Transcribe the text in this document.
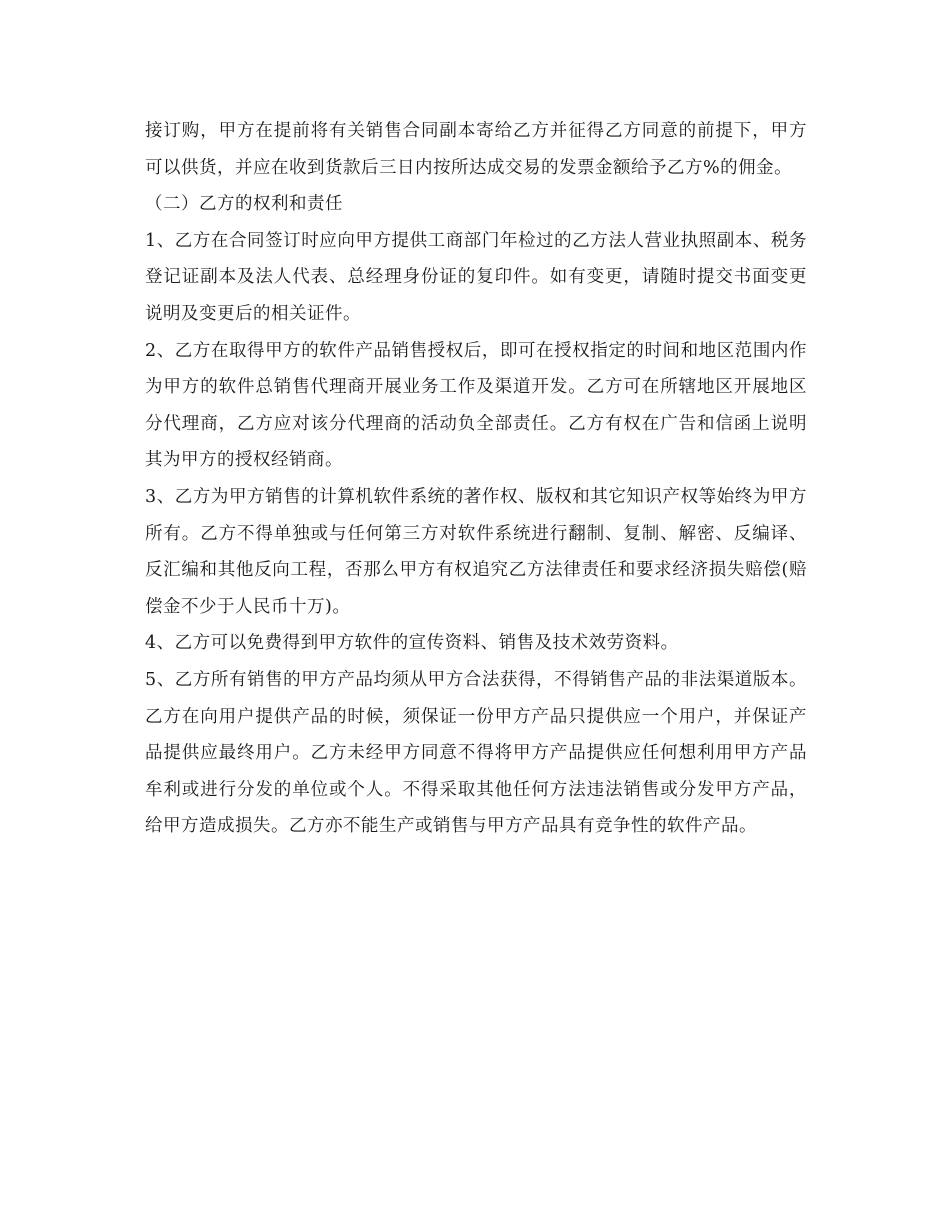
接订购，甲方在提前将有关销售合同副本寄给乙方并征得乙方同意的前提下，甲方可以供货，并应在收到货款后三日内按所达成交易的发票金额给予乙方%的佣金。

（二）乙方的权利和责任

1、乙方在合同签订时应向甲方提供工商部门年检过的乙方法人营业执照副本、税务登记证副本及法人代表、总经理身份证的复印件。如有变更，请随时提交书面变更说明及变更后的相关证件。

2、乙方在取得甲方的软件产品销售授权后，即可在授权指定的时间和地区范围内作为甲方的软件总销售代理商开展业务工作及渠道开发。乙方可在所辖地区开展地区分代理商，乙方应对该分代理商的活动负全部责任。乙方有权在广告和信函上说明其为甲方的授权经销商。

3、乙方为甲方销售的计算机软件系统的著作权、版权和其它知识产权等始终为甲方所有。乙方不得单独或与任何第三方对软件系统进行翻制、复制、解密、反编译、反汇编和其他反向工程，否那么甲方有权追究乙方法律责任和要求经济损失赔偿(赔偿金不少于人民币十万)。

4、乙方可以免费得到甲方软件的宣传资料、销售及技术效劳资料。

5、乙方所有销售的甲方产品均须从甲方合法获得，不得销售产品的非法渠道版本。乙方在向用户提供产品的时候，须保证一份甲方产品只提供应一个用户，并保证产品提供应最终用户。乙方未经甲方同意不得将甲方产品提供应任何想利用甲方产品牟利或进行分发的单位或个人。不得采取其他任何方法违法销售或分发甲方产品，给甲方造成损失。乙方亦不能生产或销售与甲方产品具有竞争性的软件产品。
